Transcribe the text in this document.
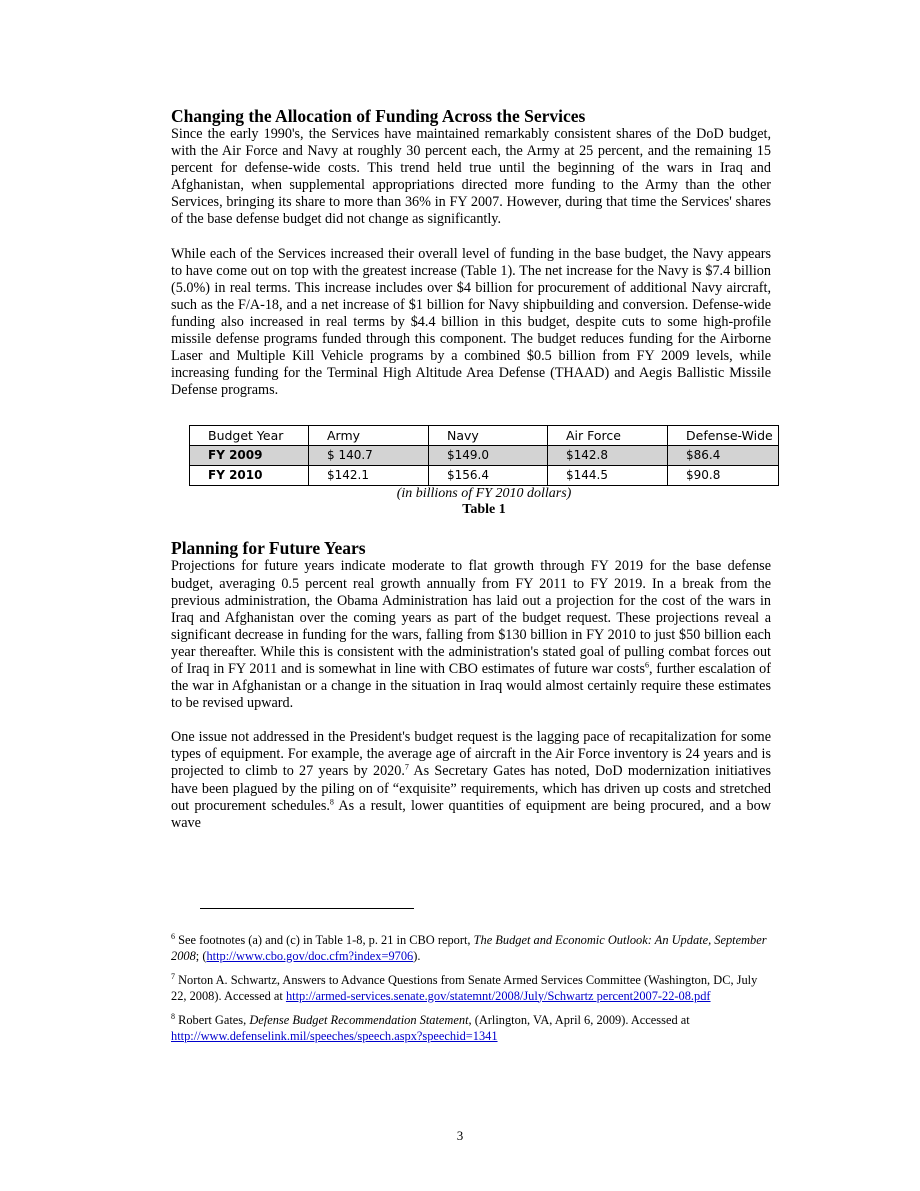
Changing the Allocation of Funding Across the Services

Since the early 1990's, the Services have maintained remarkably consistent shares of the DoD budget, with the Air Force and Navy at roughly 30 percent each, the Army at 25 percent, and the remaining 15 percent for defense-wide costs. This trend held true until the beginning of the wars in Iraq and Afghanistan, when supplemental appropriations directed more funding to the Army than the other Services, bringing its share to more than 36% in FY 2007. However, during that time the Services' shares of the base defense budget did not change as significantly.

While each of the Services increased their overall level of funding in the base budget, the Navy appears to have come out on top with the greatest increase (Table 1). The net increase for the Navy is $7.4 billion (5.0%) in real terms. This increase includes over $4 billion for procurement of additional Navy aircraft, such as the F/A-18, and a net increase of $1 billion for Navy shipbuilding and conversion. Defense-wide funding also increased in real terms by $4.4 billion in this budget, despite cuts to some high-profile missile defense programs funded through this component. The budget reduces funding for the Airborne Laser and Multiple Kill Vehicle programs by a combined $0.5 billion from FY 2009 levels, while increasing funding for the Terminal High Altitude Area Defense (THAAD) and Aegis Ballistic Missile Defense programs.

Budget Year	Army	Navy	Air Force	Defense-Wide
FY 2009	$ 140.7	$149.0	$142.8	$86.4
FY 2010	$142.1	$156.4	$144.5	$90.8
(in billions of FY 2010 dollars)
Table 1
Planning for Future Years

Projections for future years indicate moderate to flat growth through FY 2019 for the base defense budget, averaging 0.5 percent real growth annually from FY 2011 to FY 2019. In a break from the previous administration, the Obama Administration has laid out a projection for the cost of the wars in Iraq and Afghanistan over the coming years as part of the budget request. These projections reveal a significant decrease in funding for the wars, falling from $130 billion in FY 2010 to just $50 billion each year thereafter. While this is consistent with the administration's stated goal of pulling combat forces out of Iraq in FY 2011 and is somewhat in line with CBO estimates of future war costs$^6$, further escalation of the war in Afghanistan or a change in the situation in Iraq would almost certainly require these estimates to be revised upward.

One issue not addressed in the President's budget request is the lagging pace of recapitalization for some types of equipment. For example, the average age of aircraft in the Air Force inventory is 24 years and is projected to climb to 27 years by 2020.$^7$ As Secretary Gates has noted, DoD modernization initiatives have been plagued by the piling on of “exquisite” requirements, which has driven up costs and stretched out procurement schedules.$^8$ As a result, lower quantities of equipment are being procured, and a bow wave

$^6$ See footnotes (a) and (c) in Table 1-8, p. 21 in CBO report, The Budget and Economic Outlook: An Update, September 2008; (http://www.cbo.gov/doc.cfm?index=9706).
$^7$ Norton A. Schwartz, Answers to Advance Questions from Senate Armed Services Committee (Washington, DC, July 22, 2008). Accessed at http://armed-services.senate.gov/statemnt/2008/July/Schwartz percent2007-22-08.pdf
$^8$ Robert Gates, Defense Budget Recommendation Statement, (Arlington, VA, April 6, 2009). Accessed at http://www.defenselink.mil/speeches/speech.aspx?speechid=1341
3
